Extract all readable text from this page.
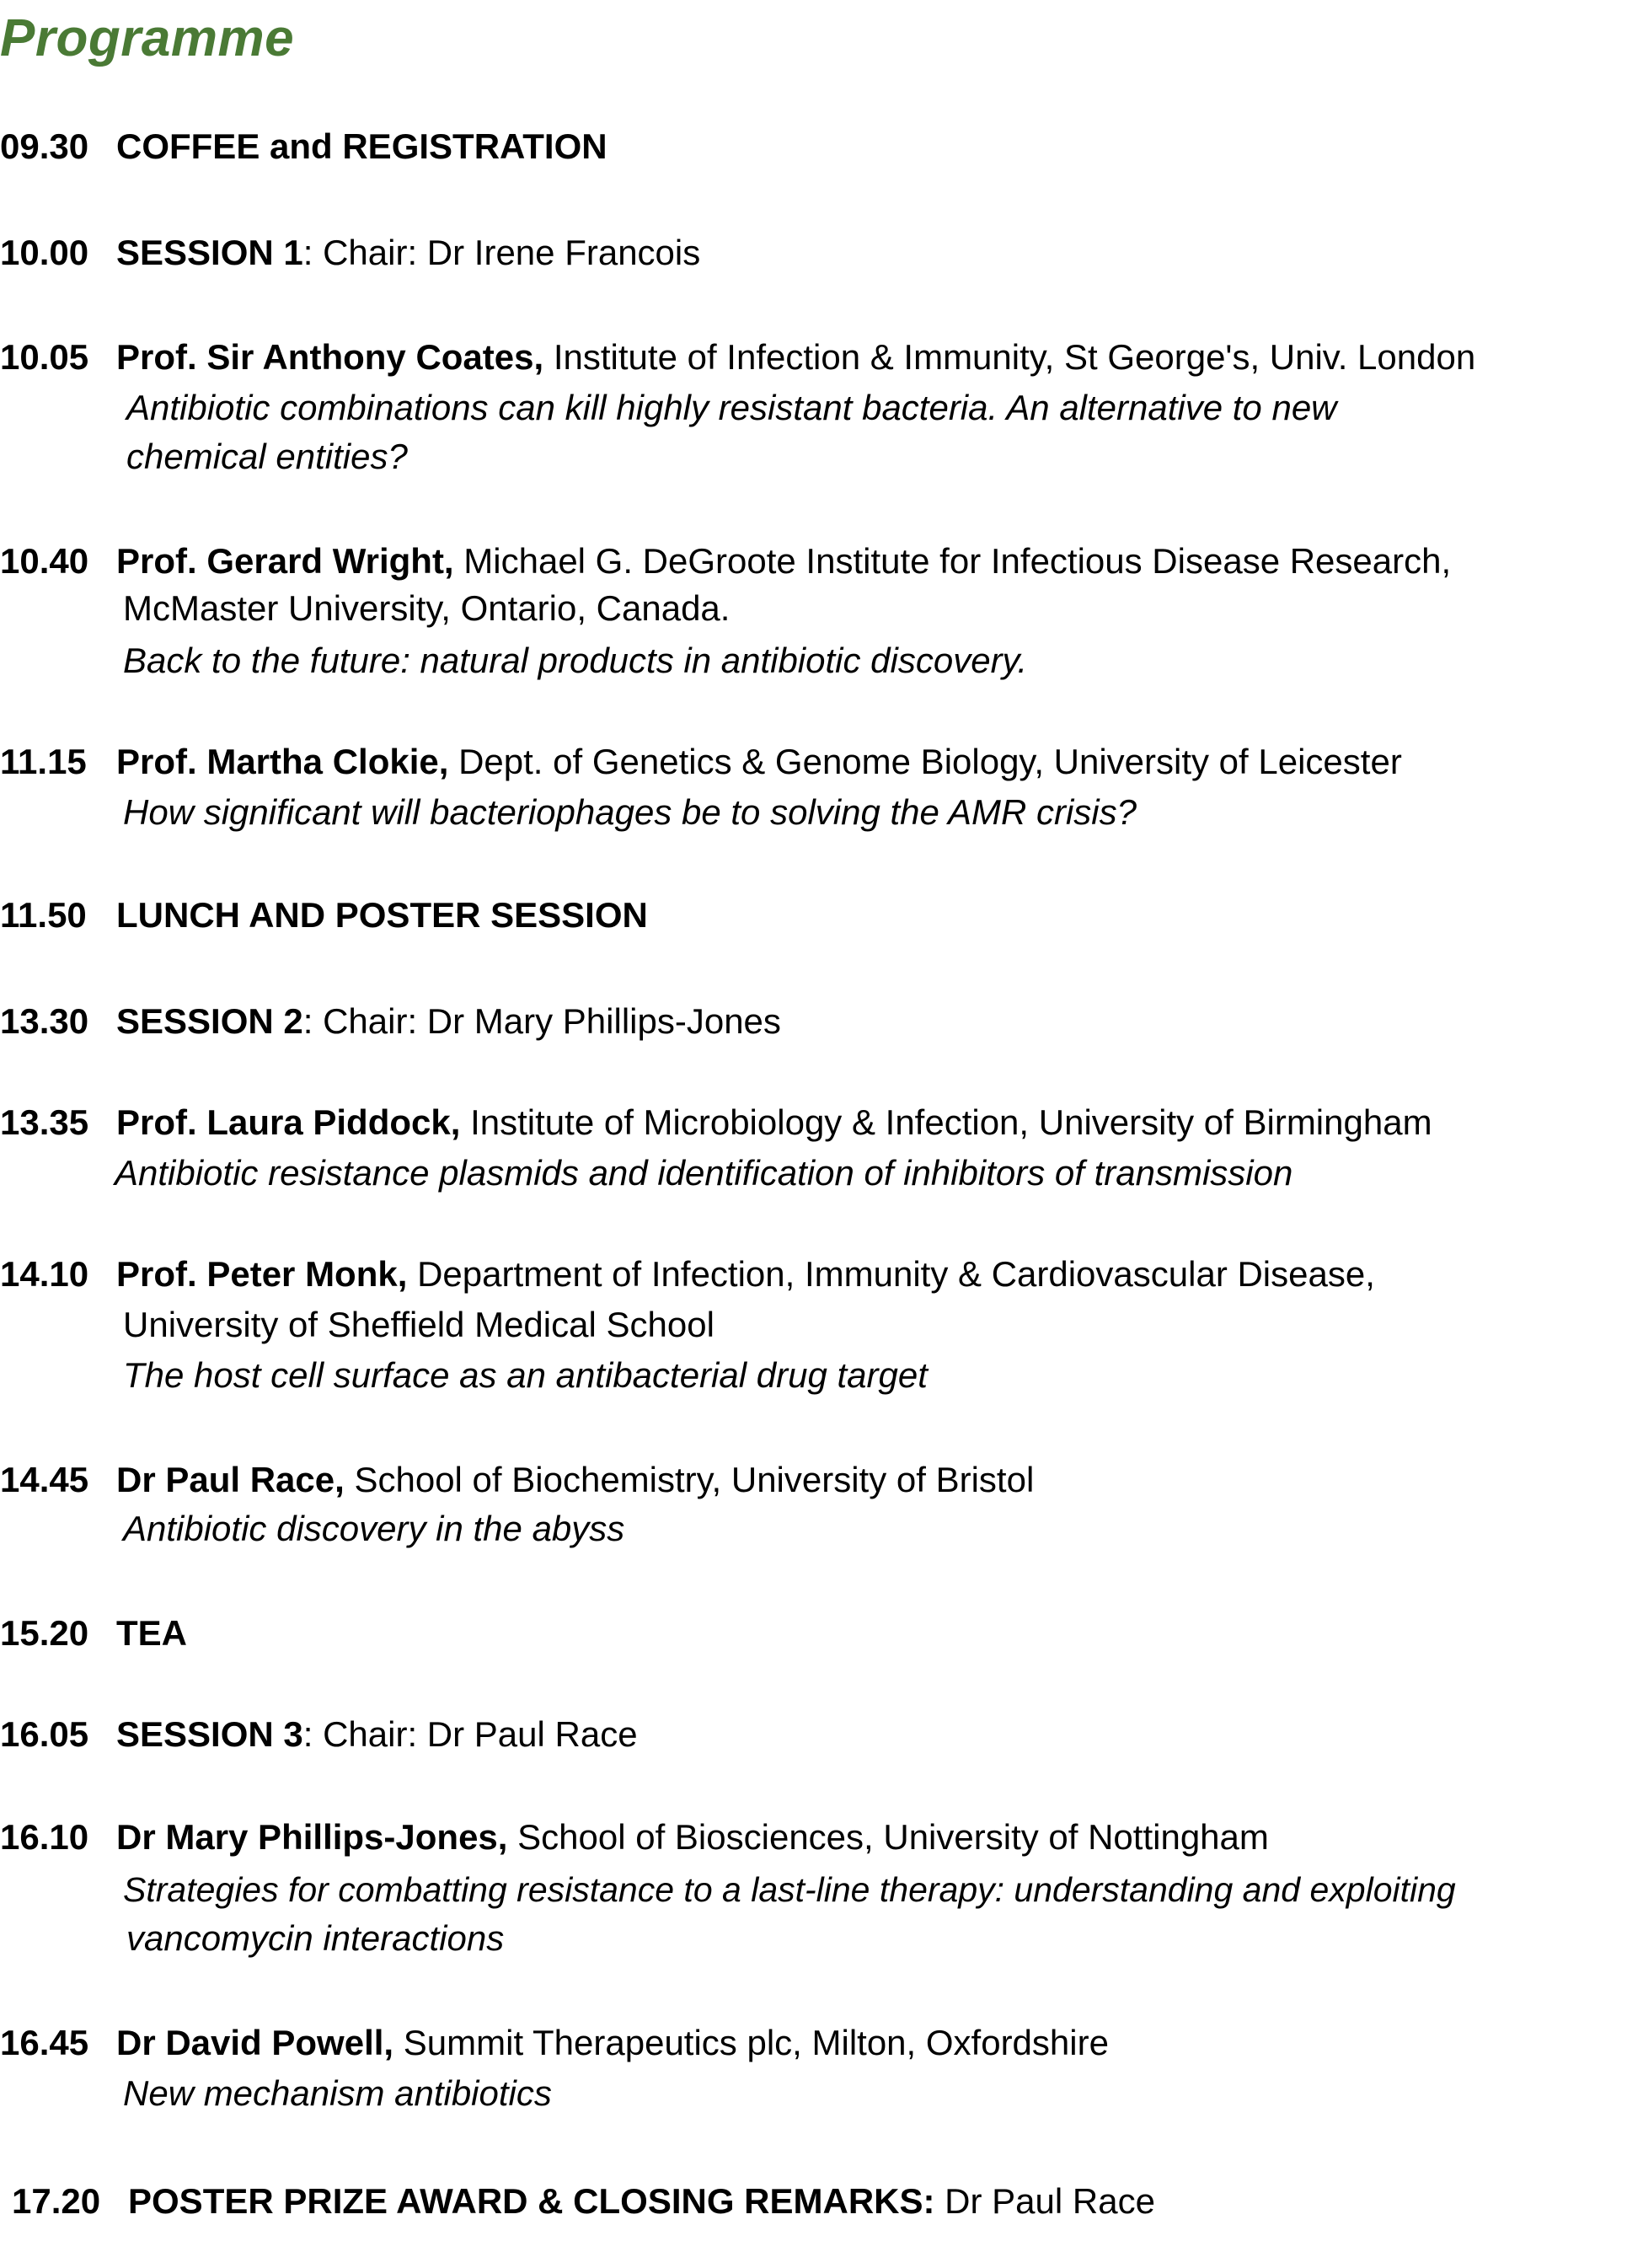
Programme
09.30 COFFEE and REGISTRATION
10.00 SESSION 1: Chair: Dr Irene Francois
10.05 Prof. Sir Anthony Coates, Institute of Infection & Immunity, St George's, Univ. London
Antibiotic combinations can kill highly resistant bacteria. An alternative to new
chemical entities?
10.40 Prof. Gerard Wright, Michael G. DeGroote Institute for Infectious Disease Research,
McMaster University, Ontario, Canada.
Back to the future: natural products in antibiotic discovery.
11.15 Prof. Martha Clokie, Dept. of Genetics & Genome Biology, University of Leicester
How significant will bacteriophages be to solving the AMR crisis?
11.50 LUNCH AND POSTER SESSION
13.30 SESSION 2: Chair: Dr Mary Phillips-Jones
13.35 Prof. Laura Piddock, Institute of Microbiology & Infection, University of Birmingham
Antibiotic resistance plasmids and identification of inhibitors of transmission
14.10 Prof. Peter Monk, Department of Infection, Immunity & Cardiovascular Disease,
University of Sheffield Medical School
The host cell surface as an antibacterial drug target
14.45 Dr Paul Race, School of Biochemistry, University of Bristol
Antibiotic discovery in the abyss
15.20 TEA
16.05 SESSION 3: Chair: Dr Paul Race
16.10 Dr Mary Phillips-Jones, School of Biosciences, University of Nottingham
Strategies for combatting resistance to a last-line therapy: understanding and exploiting
vancomycin interactions
16.45 Dr David Powell, Summit Therapeutics plc, Milton, Oxfordshire
New mechanism antibiotics
17.20 POSTER PRIZE AWARD & CLOSING REMARKS: Dr Paul Race
